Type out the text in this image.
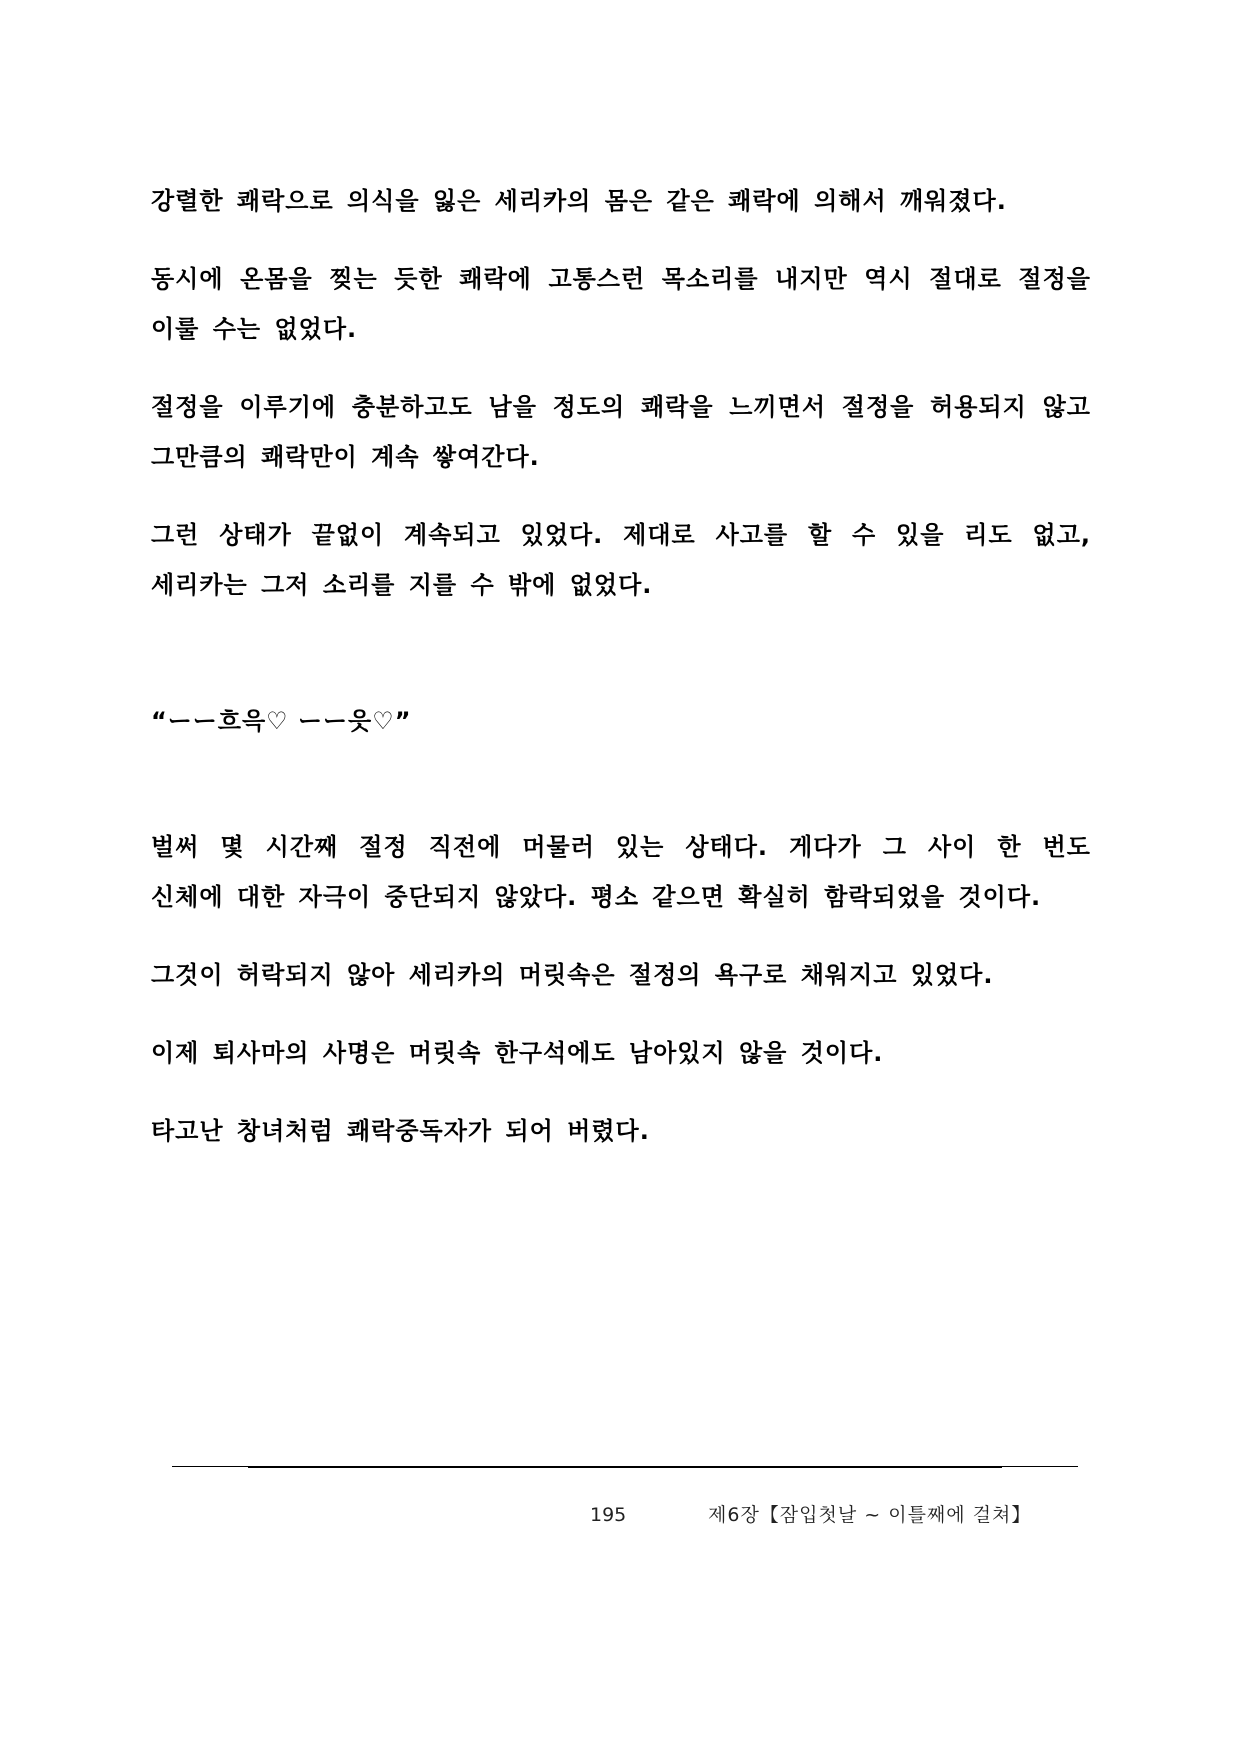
강렬한 쾌락으로 의식을 잃은 세리카의 몸은 같은 쾌락에 의해서 깨워졌다.

동시에 온몸을 찢는 듯한 쾌락에 고통스런 목소리를 내지만 역시 절대로 절정을
이룰 수는 없었다.

절정을 이루기에 충분하고도 남을 정도의 쾌락을 느끼면서 절정을 허용되지 않고
그만큼의 쾌락만이 계속 쌓여간다.

그런 상태가 끝없이 계속되고 있었다. 제대로 사고를 할 수 있을 리도 없고,
세리카는 그저 소리를 지를 수 밖에 없었다.

“ーー흐윽♡ ーー읏♡”

벌써 몇 시간째 절정 직전에 머물러 있는 상태다. 게다가 그 사이 한 번도
신체에 대한 자극이 중단되지 않았다. 평소 같으면 확실히 함락되었을 것이다.

그것이 허락되지 않아 세리카의 머릿속은 절정의 욕구로 채워지고 있었다.

이제 퇴사마의 사명은 머릿속 한구석에도 남아있지 않을 것이다.

타고난 창녀처럼 쾌락중독자가 되어 버렸다.

195	제6장【잠입첫날 ~ 이틀째에 걸쳐】
